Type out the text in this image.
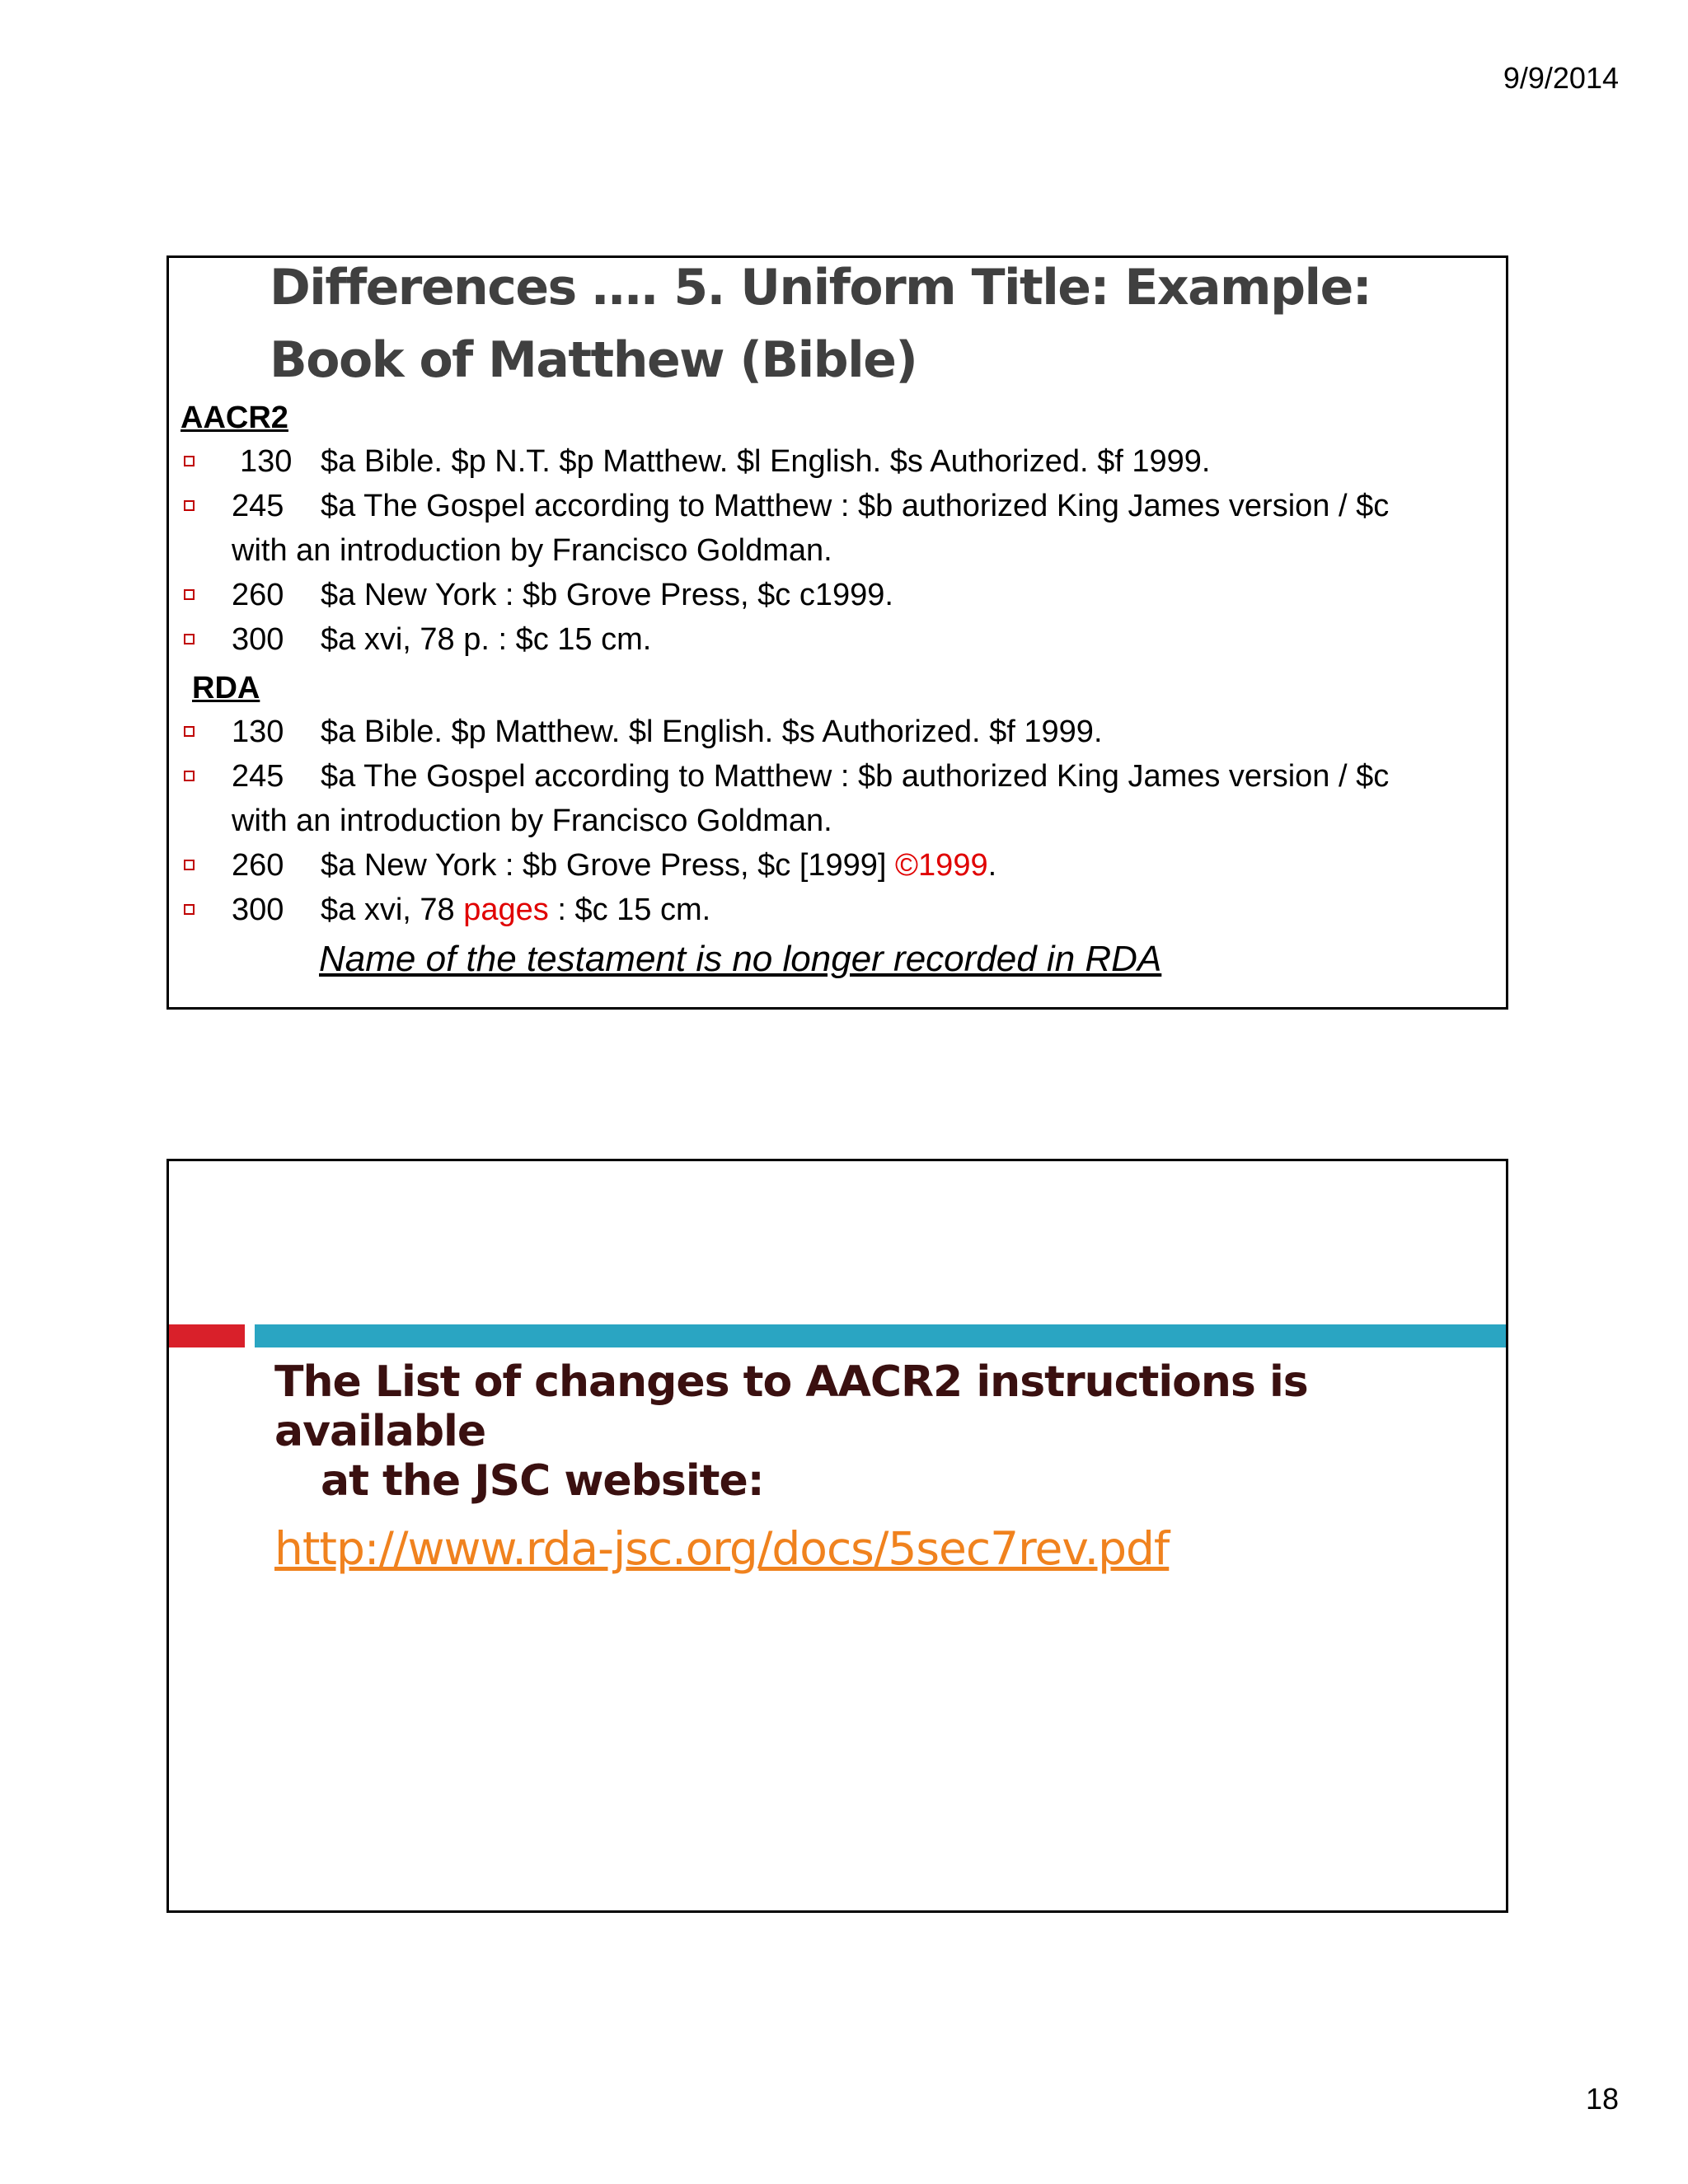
9/9/2014
Differences …. 5. Uniform Title: Example: Book of Matthew (Bible)
AACR2
130 $a Bible. $p N.T. $p Matthew. $l English. $s Authorized. $f 1999.
245 $a The Gospel according to Matthew : $b authorized King James version / $c
with an introduction by Francisco Goldman.
260 $a New York : $b Grove Press, $c c1999.
300 $a xvi, 78 p. : $c 15 cm.
RDA
130 $a Bible. $p Matthew. $l English. $s Authorized. $f 1999.
245 $a The Gospel according to Matthew : $b authorized King James version / $c
with an introduction by Francisco Goldman.
260 $a New York : $b Grove Press, $c [1999] ©1999.
300 $a xvi, 78 pages : $c 15 cm.
Name of the testament is no longer recorded in RDA
The List of changes to AACR2 instructions is available
at the JSC website:
http://www.rda-jsc.org/docs/5sec7rev.pdf
18
